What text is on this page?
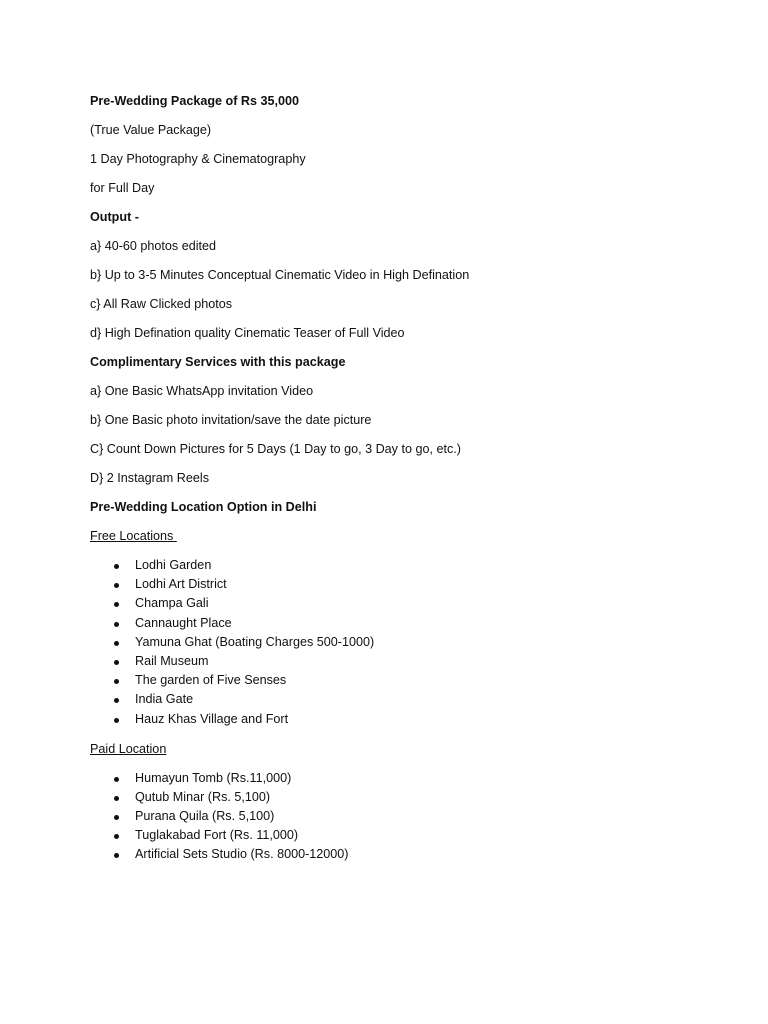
Pre-Wedding Package of Rs 35,000

(True Value Package)

1 Day Photography & Cinematography

for Full Day

Output -

a} 40-60 photos edited

b} Up to 3-5 Minutes Conceptual Cinematic Video in High Defination

c} All Raw Clicked photos

d} High Defination quality Cinematic Teaser of Full Video

Complimentary Services with this package

a} One Basic WhatsApp invitation Video

b} One Basic photo invitation/save the date picture

C} Count Down Pictures for 5 Days (1 Day to go, 3 Day to go, etc.)

D} 2 Instagram Reels

Pre-Wedding Location Option in Delhi

Free Locations

Lodhi Garden
Lodhi Art District
Champa Gali
Cannaught Place
Yamuna Ghat (Boating Charges 500-1000)
Rail Museum
The garden of Five Senses
India Gate
Hauz Khas Village and Fort

Paid Location

Humayun Tomb (Rs.11,000)
Qutub Minar (Rs. 5,100)
Purana Quila (Rs. 5,100)
Tuglakabad Fort (Rs. 11,000)
Artificial Sets Studio (Rs. 8000-12000)
